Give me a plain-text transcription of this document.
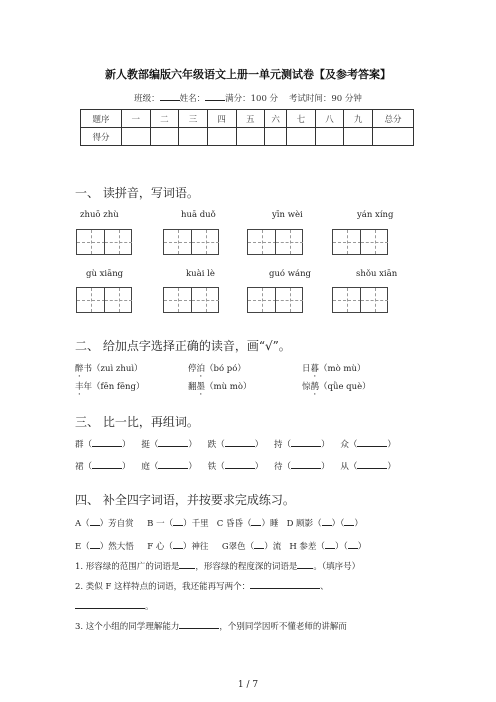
新人教部编版六年级语文上册一单元测试卷【及参考答案】
班级： 姓名： 满分：100 分 考试时间：90 分钟
题序	一	二	三	四	五	六	七	八	九	总分
得分										
一、 读拼音，写词语。
zhuō zhù	huā duǒ	yīn wèi	yán xíng
gù xiāng	kuài lè	guó wáng	shǒu xiān
二、 给加点字选择正确的读音，画“√”。
醉书（zuì zhuì）	停泊（bó pó）	日暮（mò mù）
丰年（fēn fēng）	翻墨（mù mò）	惊鹊（qǜe què）
三、 比一比，再组词。
群（	）    挺（	）    跌（	）    持（	）    众（	）
裙（	）    庭（	）    铁（	）    待（	）    从（	）
四、 补全四字词语，并按要求完成练习。
A（ ）芳自赏 B 一（ ）千里 C 昏昏（ ）睡 D 顾影（ ）（ ）
E（ ）然大悟 F 心（ ）神往 G翠色（ ）流 H 参差（ ）（ ）
1. 形容绿的范围广的词语是 ，形容绿的程度深的词语是 。（填序号）
2. 类似 F 这样特点的词语，我还能再写两个：	、
。
3. 这个小组的同学理解能力	，个别同学因听不懂老师的讲解而
1 / 7
